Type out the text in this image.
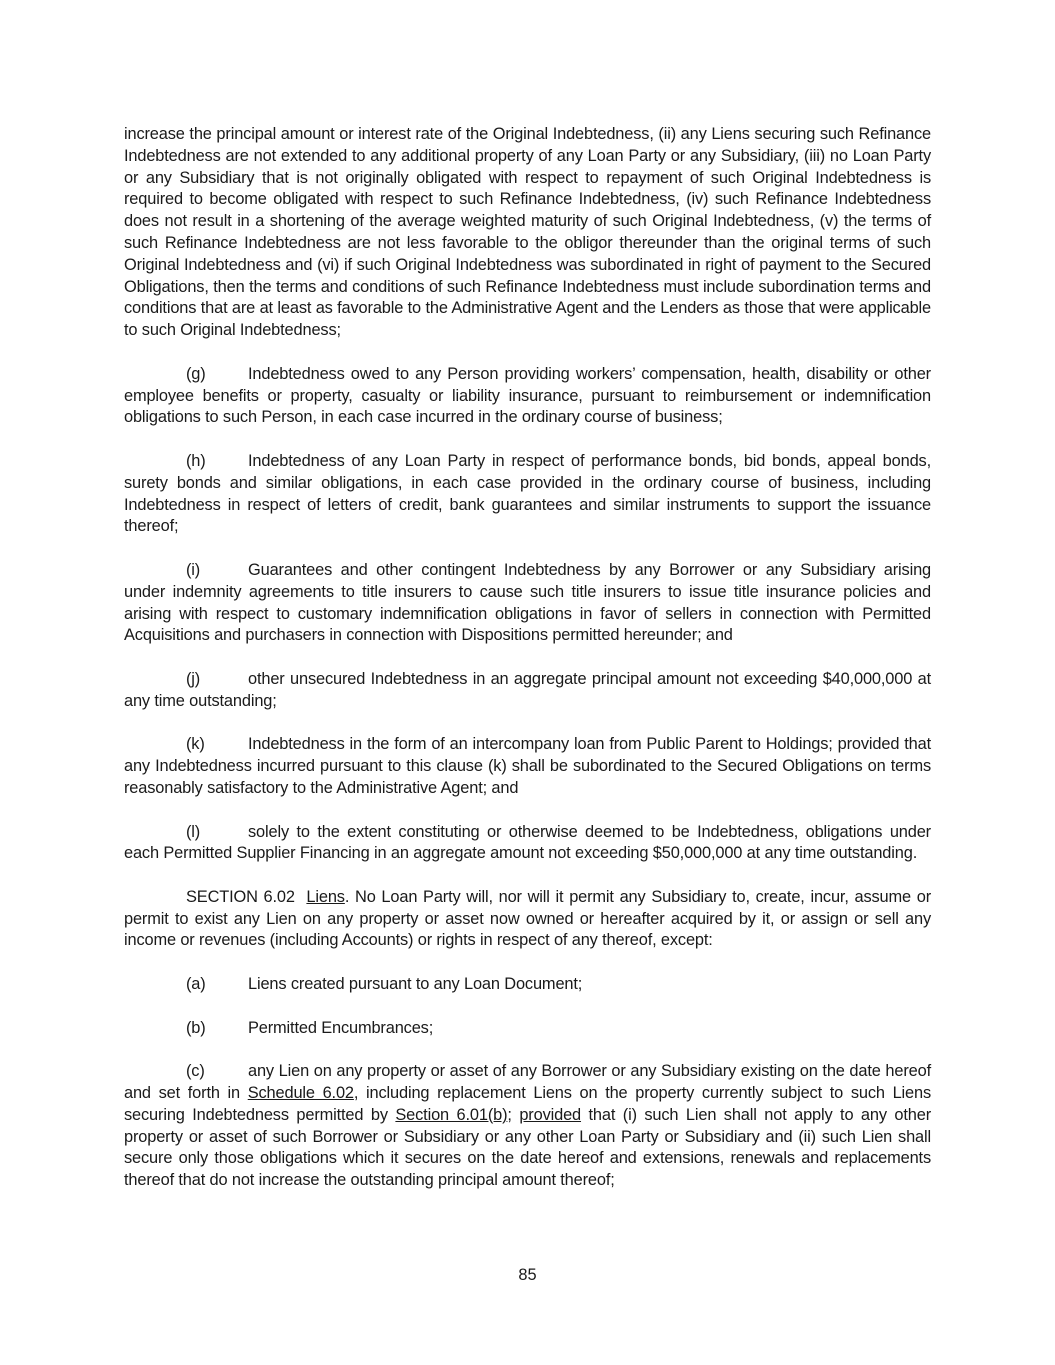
increase the principal amount or interest rate of the Original Indebtedness, (ii) any Liens securing such Refinance Indebtedness are not extended to any additional property of any Loan Party or any Subsidiary, (iii) no Loan Party or any Subsidiary that is not originally obligated with respect to repayment of such Original Indebtedness is required to become obligated with respect to such Refinance Indebtedness, (iv) such Refinance Indebtedness does not result in a shortening of the average weighted maturity of such Original Indebtedness, (v) the terms of such Refinance Indebtedness are not less favorable to the obligor thereunder than the original terms of such Original Indebtedness and (vi) if such Original Indebtedness was subordinated in right of payment to the Secured Obligations, then the terms and conditions of such Refinance Indebtedness must include subordination terms and conditions that are at least as favorable to the Administrative Agent and the Lenders as those that were applicable to such Original Indebtedness;

(g)	Indebtedness owed to any Person providing workers’ compensation, health, disability or other employee benefits or property, casualty or liability insurance, pursuant to reimbursement or indemnification obligations to such Person, in each case incurred in the ordinary course of business;

(h)	Indebtedness of any Loan Party in respect of performance bonds, bid bonds, appeal bonds, surety bonds and similar obligations, in each case provided in the ordinary course of business, including Indebtedness in respect of letters of credit, bank guarantees and similar instruments to support the issuance thereof;

(i)	Guarantees and other contingent Indebtedness by any Borrower or any Subsidiary arising under indemnity agreements to title insurers to cause such title insurers to issue title insurance policies and arising with respect to customary indemnification obligations in favor of sellers in connection with Permitted Acquisitions and purchasers in connection with Dispositions permitted hereunder; and

(j)	other unsecured Indebtedness in an aggregate principal amount not exceeding $40,000,000 at any time outstanding;

(k)	Indebtedness in the form of an intercompany loan from Public Parent to Holdings; provided that any Indebtedness incurred pursuant to this clause (k) shall be subordinated to the Secured Obligations on terms reasonably satisfactory to the Administrative Agent; and

(l)	solely to the extent constituting or otherwise deemed to be Indebtedness, obligations under each Permitted Supplier Financing in an aggregate amount not exceeding $50,000,000 at any time outstanding.

SECTION 6.02 Liens. No Loan Party will, nor will it permit any Subsidiary to, create, incur, assume or permit to exist any Lien on any property or asset now owned or hereafter acquired by it, or assign or sell any income or revenues (including Accounts) or rights in respect of any thereof, except:

(a)	Liens created pursuant to any Loan Document;

(b)	Permitted Encumbrances;

(c)	any Lien on any property or asset of any Borrower or any Subsidiary existing on the date hereof and set forth in Schedule 6.02, including replacement Liens on the property currently subject to such Liens securing Indebtedness permitted by Section 6.01(b); provided that (i) such Lien shall not apply to any other property or asset of such Borrower or Subsidiary or any other Loan Party or Subsidiary and (ii) such Lien shall secure only those obligations which it secures on the date hereof and extensions, renewals and replacements thereof that do not increase the outstanding principal amount thereof;

85
